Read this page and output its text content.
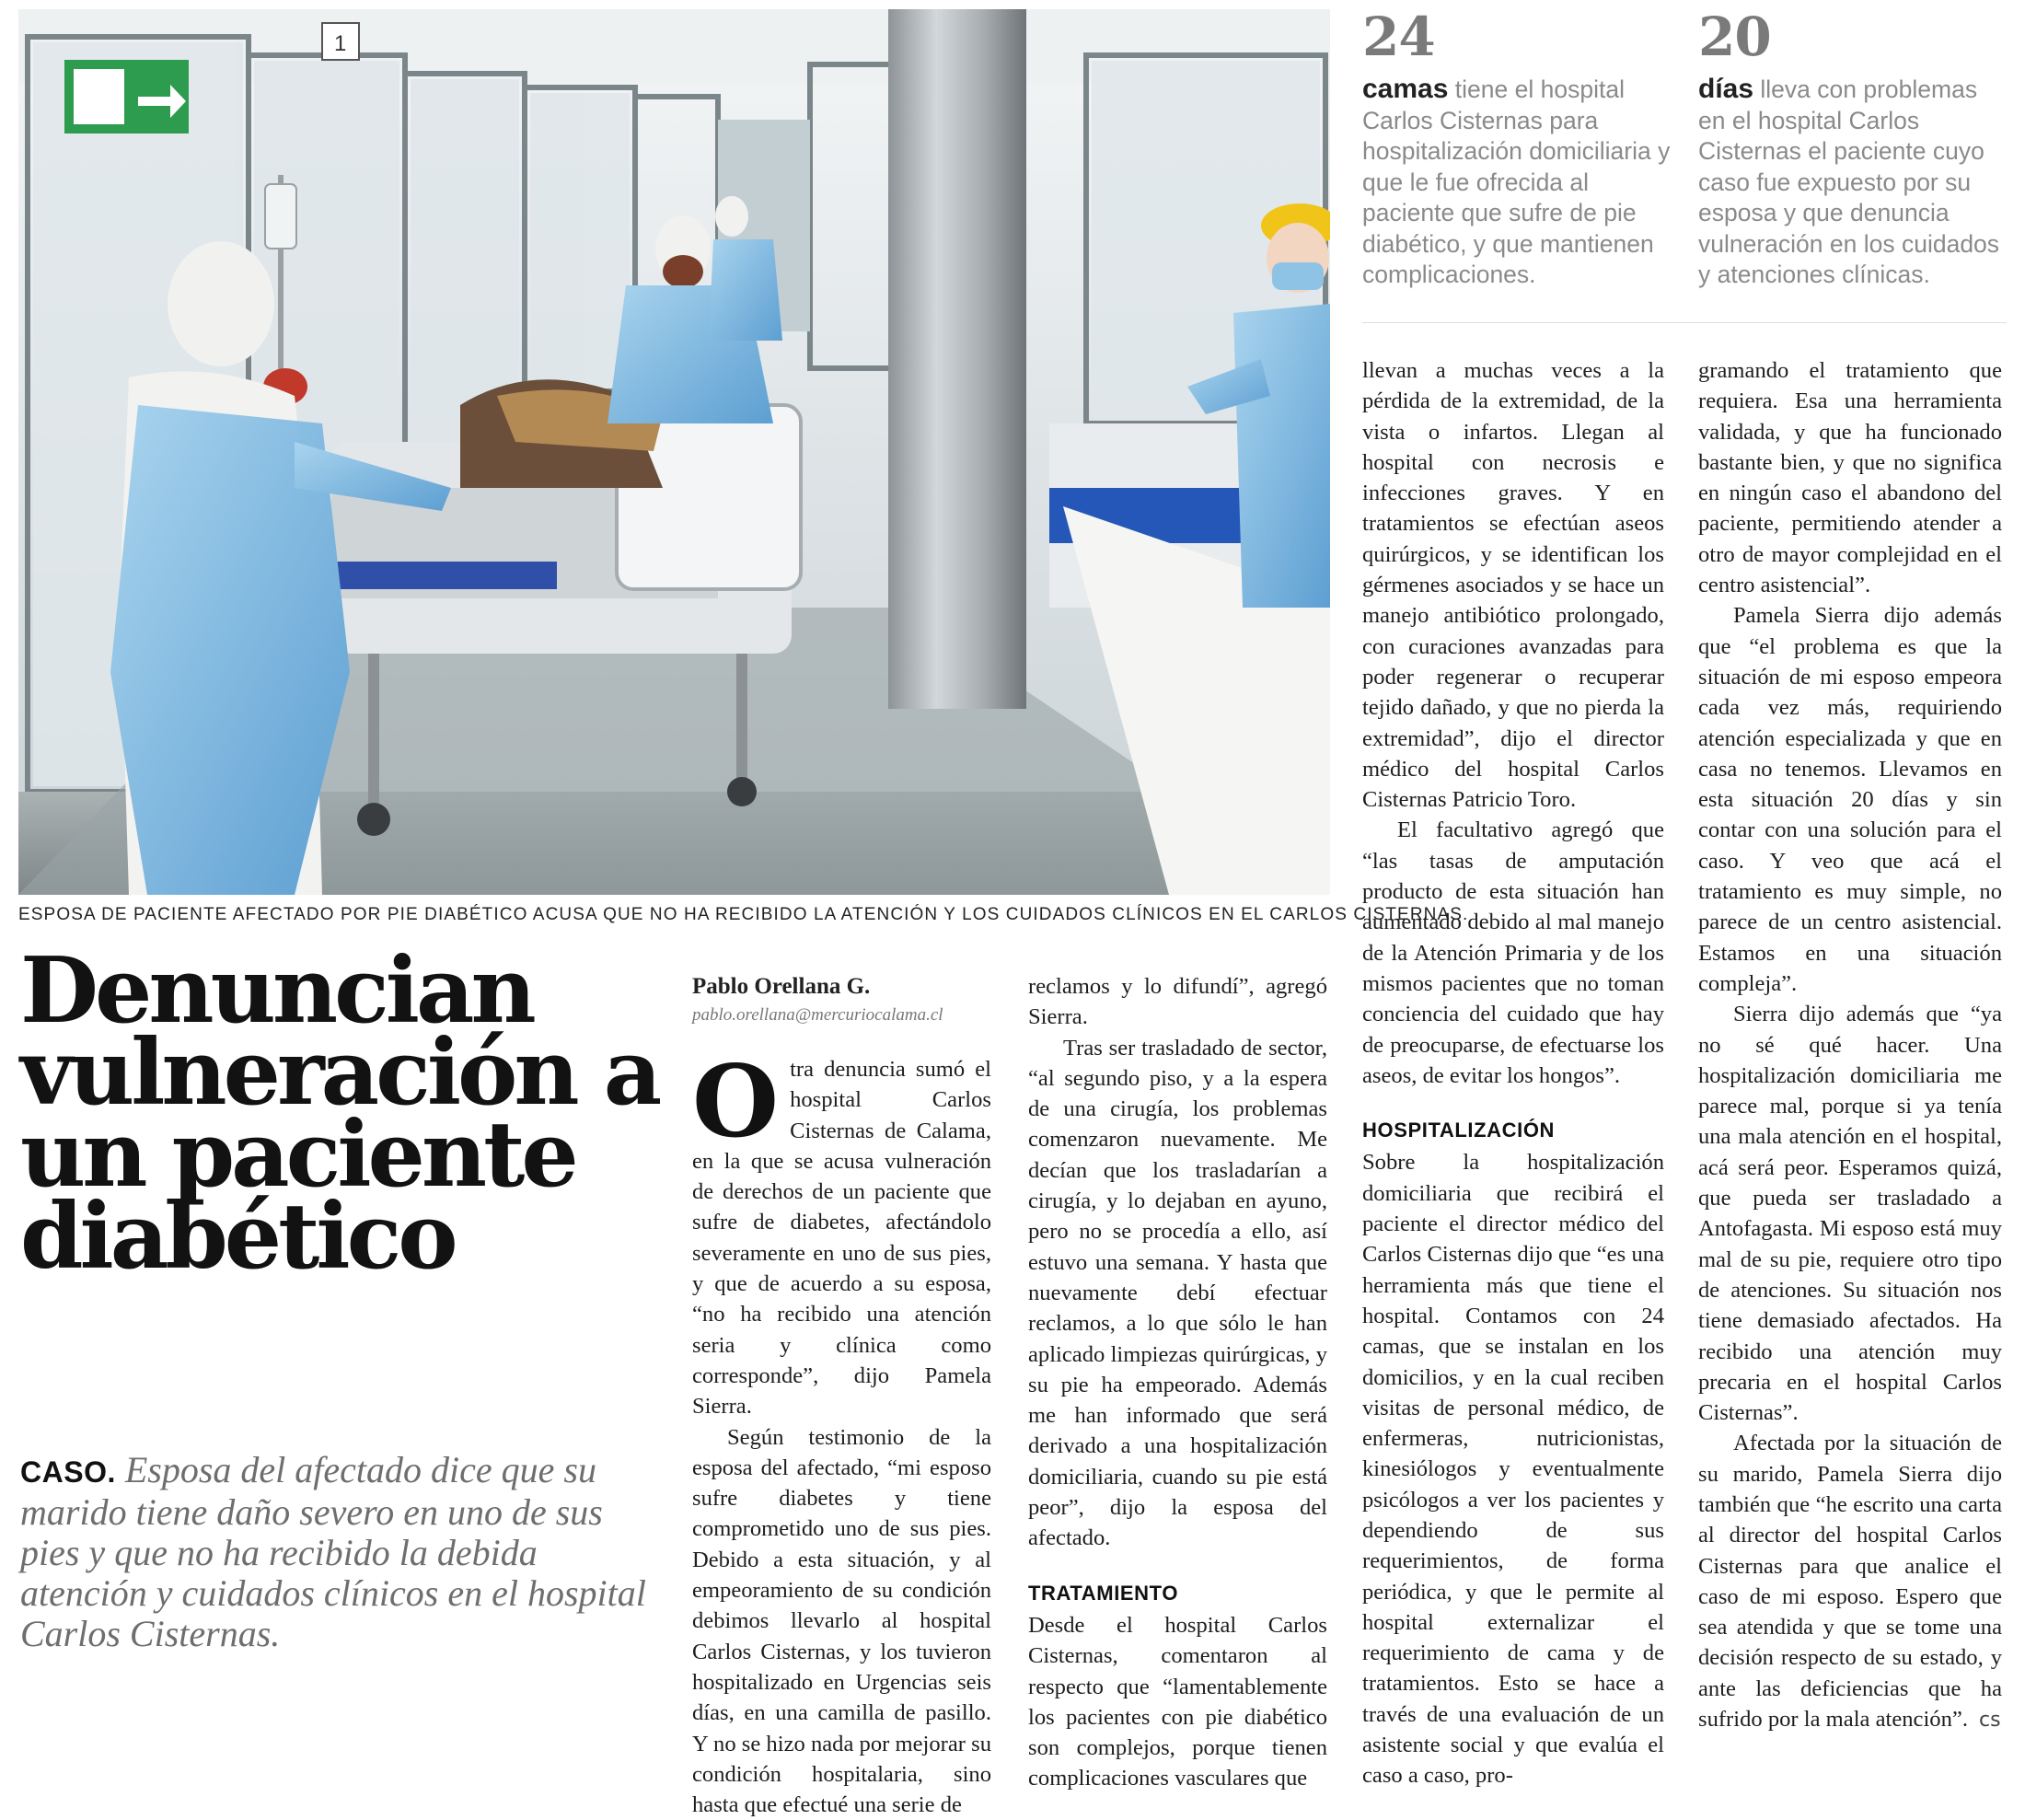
1
ESPOSA DE PACIENTE AFECTADO POR PIE DIABÉTICO ACUSA QUE NO HA RECIBIDO LA ATENCIÓN Y LOS CUIDADOS CLÍNICOS EN EL CARLOS CISTERNAS.
Denuncian
vulneración a
un paciente
diabético
CASO. Esposa del afectado dice que su marido tiene daño severo en uno de sus pies y que no ha recibido la debida atención y cuidados clínicos en el hospital Carlos Cisternas.
24
camas tiene el hospital Carlos Cisternas para hospitalización domiciliaria y que le fue ofrecida al paciente que sufre de pie diabético, y que mantienen complicaciones.
20
días lleva con problemas en el hospital Carlos Cisternas el paciente cuyo caso fue expuesto por su esposa y que denuncia vulneración en los cuidados y atenciones clínicas.
Pablo Orellana G.
pablo.orellana@mercuriocalama.cl

Otra denuncia sumó el hospital Carlos Cisternas de Calama, en la que se acusa vulneración de derechos de un paciente que sufre de diabetes, afectándolo severamente en uno de sus pies, y que de acuerdo a su esposa, “no ha recibido una atención seria y clínica como corresponde”, dijo Pamela Sierra.

Según testimonio de la esposa del afectado, “mi esposo sufre diabetes y tiene comprometido uno de sus pies. Debido a esta situación, y al empeoramiento de su condición debimos llevarlo al hospital Carlos Cisternas, y los tuvieron hospitalizado en Urgencias seis días, en una camilla de pasillo. Y no se hizo nada por mejorar su condición hospitalaria, sino hasta que efectué una serie de

reclamos y lo difundí”, agregó Sierra.

Tras ser trasladado de sector, “al segundo piso, y a la espera de una cirugía, los problemas comenzaron nuevamente. Me decían que los trasladarían a cirugía, y lo dejaban en ayuno, pero no se procedía a ello, así estuvo una semana. Y hasta que nuevamente debí efectuar reclamos, a lo que sólo le han aplicado limpiezas quirúrgicas, y su pie ha empeorado. Además me han informado que será derivado a una hospitalización domiciliaria, cuando su pie está peor”, dijo la esposa del afectado.

TRATAMIENTO

Desde el hospital Carlos Cisternas, comentaron al respecto que “lamentablemente los pacientes con pie diabético son complejos, porque tienen complicaciones vasculares que

llevan a muchas veces a la pérdida de la extremidad, de la vista o infartos. Llegan al hospital con necrosis e infecciones graves. Y en tratamientos se efectúan aseos quirúrgicos, y se identifican los gérmenes asociados y se hace un manejo antibiótico prolongado, con curaciones avanzadas para poder regenerar o recuperar tejido dañado, y que no pierda la extremidad”, dijo el director médico del hospital Carlos Cisternas Patricio Toro.

El facultativo agregó que “las tasas de amputación producto de esta situación han aumentado debido al mal manejo de la Atención Primaria y de los mismos pacientes que no toman conciencia del cuidado que hay de preocuparse, de efectuarse los aseos, de evitar los hongos”.

HOSPITALIZACIÓN

Sobre la hospitalización domiciliaria que recibirá el paciente el director médico del Carlos Cisternas dijo que “es una herramienta más que tiene el hospital. Contamos con 24 camas, que se instalan en los domicilios, y en la cual reciben visitas de personal médico, de enfermeras, nutricionistas, kinesiólogos y eventualmente psicólogos a ver los pacientes y dependiendo de sus requerimientos, de forma periódica, y que le permite al hospital externalizar el requerimiento de cama y de tratamientos. Esto se hace a través de una evaluación de un asistente social y que evalúa el caso a caso, pro-

gramando el tratamiento que requiera. Esa una herramienta validada, y que ha funcionado bastante bien, y que no significa en ningún caso el abandono del paciente, permitiendo atender a otro de mayor complejidad en el centro asistencial”.

Pamela Sierra dijo además que “el problema es que la situación de mi esposo empeora cada vez más, requiriendo atención especializada y que en casa no tenemos. Llevamos en esta situación 20 días y sin contar con una solución para el caso. Y veo que acá el tratamiento es muy simple, no parece de un centro asistencial. Estamos en una situación compleja”.

Sierra dijo además que “ya no sé qué hacer. Una hospitalización domiciliaria me parece mal, porque si ya tenía una mala atención en el hospital, acá será peor. Esperamos quizá, que pueda ser trasladado a Antofagasta. Mi esposo está muy mal de su pie, requiere otro tipo de atenciones. Su situación nos tiene demasiado afectados. Ha recibido una atención muy precaria en el hospital Carlos Cisternas”.

Afectada por la situación de su marido, Pamela Sierra dijo también que “he escrito una carta al director del hospital Carlos Cisternas para que analice el caso de mi esposo. Espero que sea atendida y que se tome una decisión respecto de su estado, y ante las deficiencias que ha sufrido por la mala atención”. cs
